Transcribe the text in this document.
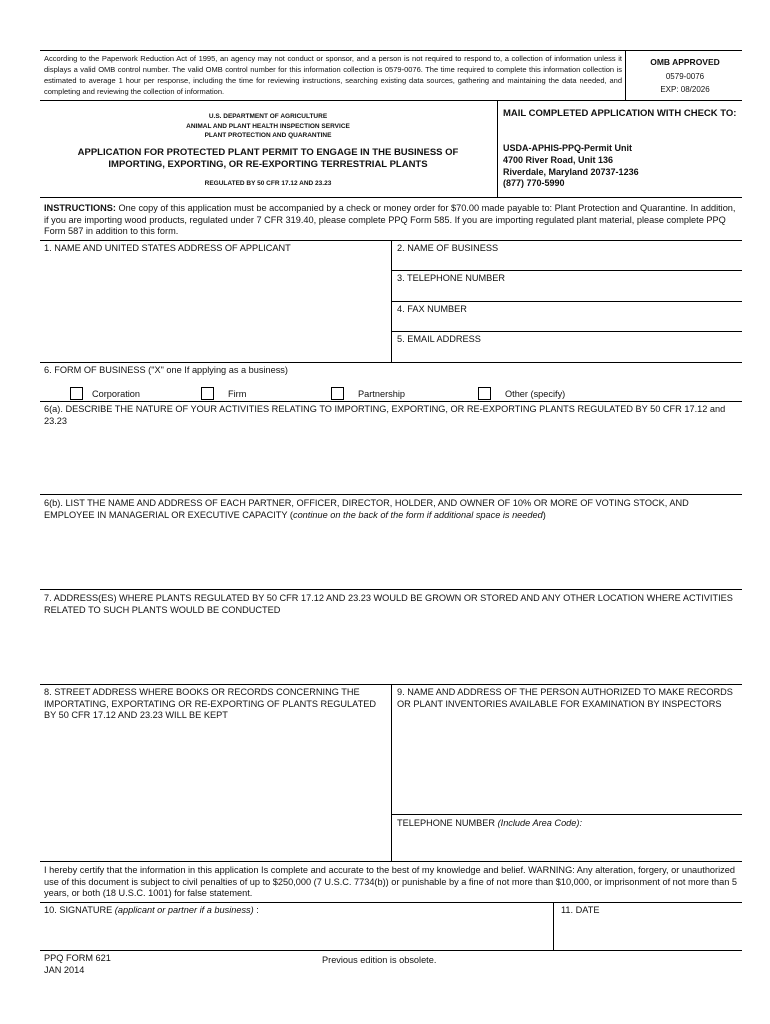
According to the Paperwork Reduction Act of 1995, an agency may not conduct or sponsor, and a person is not required to respond to, a collection of information unless it displays a valid OMB control number. The valid OMB control number for this information collection is 0579-0076. The time required to complete this information collection is estimated to average 1 hour per response, including the time for reviewing instructions, searching existing data sources, gathering and maintaining the data needed, and completing and reviewing the collection of information.
OMB APPROVED
0579-0076
EXP: 08/2026
U.S. DEPARTMENT OF AGRICULTURE
ANIMAL AND PLANT HEALTH INSPECTION SERVICE
PLANT PROTECTION AND QUARANTINE
APPLICATION FOR PROTECTED PLANT PERMIT TO ENGAGE IN THE BUSINESS OF
IMPORTING, EXPORTING, OR RE-EXPORTING TERRESTRIAL PLANTS
REGULATED BY 50 CFR 17.12 AND 23.23
MAIL COMPLETED APPLICATION WITH CHECK TO:
USDA-APHIS-PPQ-Permit Unit
4700 River Road, Unit 136
Riverdale, Maryland 20737-1236
(877) 770-5990
INSTRUCTIONS: One copy of this application must be accompanied by a check or money order for $70.00 made payable to: Plant Protection and Quarantine. In addition, if you are importing wood products, regulated under 7 CFR 319.40, please complete PPQ Form 585. If you are importing regulated plant material, please complete PPQ Form 587 in addition to this form.
1. NAME AND UNITED STATES ADDRESS OF APPLICANT	2. NAME OF BUSINESS
3. TELEPHONE NUMBER
4. FAX NUMBER
5. EMAIL ADDRESS
6. FORM OF BUSINESS ("X" one If applying as a business)
Corporation	Firm	Partnership	Other (specify)
6(a). DESCRIBE THE NATURE OF YOUR ACTIVITIES RELATING TO IMPORTING, EXPORTING, OR RE-EXPORTING PLANTS REGULATED BY 50 CFR 17.12 and 23.23
6(b). LIST THE NAME AND ADDRESS OF EACH PARTNER, OFFICER, DIRECTOR, HOLDER, AND OWNER OF 10% OR MORE OF VOTING STOCK, AND EMPLOYEE IN MANAGERIAL OR EXECUTIVE CAPACITY (continue on the back of the form if additional space is needed)
7. ADDRESS(ES) WHERE PLANTS REGULATED BY 50 CFR 17.12 AND 23.23 WOULD BE GROWN OR STORED AND ANY OTHER LOCATION WHERE ACTIVITIES RELATED TO SUCH PLANTS WOULD BE CONDUCTED
8. STREET ADDRESS WHERE BOOKS OR RECORDS CONCERNING THE IMPORTATING, EXPORTATING OR RE-EXPORTING OF PLANTS REGULATED BY 50 CFR 17.12 AND 23.23 WILL BE KEPT
9. NAME AND ADDRESS OF THE PERSON AUTHORIZED TO MAKE RECORDS OR PLANT INVENTORIES AVAILABLE FOR EXAMINATION BY INSPECTORS
TELEPHONE NUMBER (Include Area Code):
I hereby certify that the information in this application Is complete and accurate to the best of my knowledge and belief. WARNING: Any alteration, forgery, or unauthorized use of this document is subject to civil penalties of up to $250,000 (7 U.S.C. 7734(b)) or punishable by a fine of not more than $10,000, or imprisonment of not more than 5 years, or both (18 U.S.C. 1001) for false statement.
10. SIGNATURE (applicant or partner if a business) :	11. DATE
PPQ FORM 621
JAN 2014
Previous edition is obsolete.
